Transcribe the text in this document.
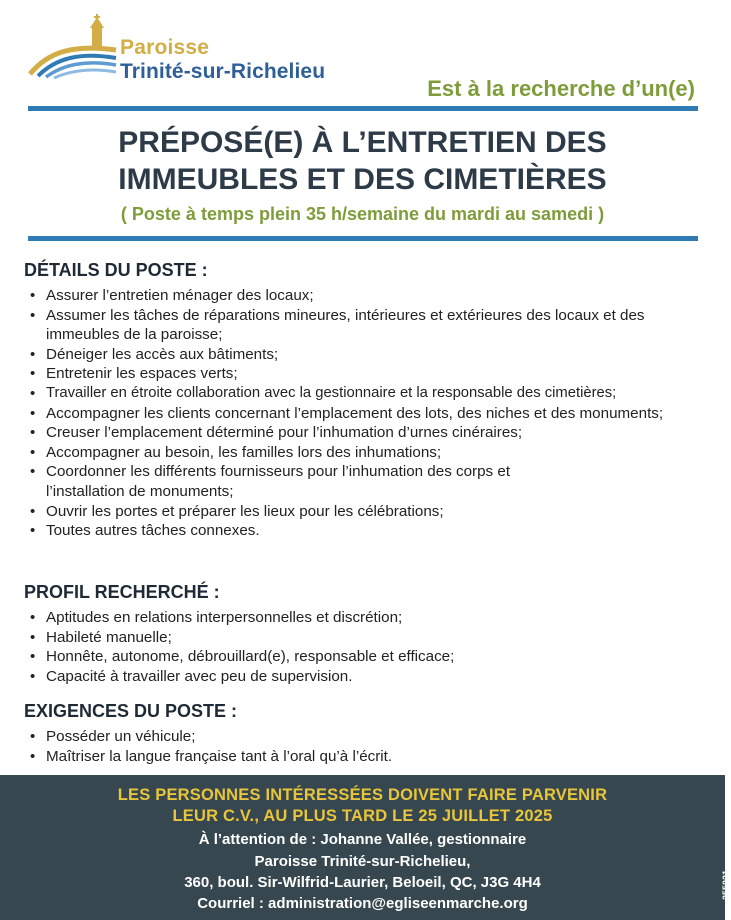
Paroisse
Trinité-sur-Richelieu
Est à la recherche d’un(e)
PRÉPOSÉ(E) À L’ENTRETIEN DES
IMMEUBLES ET DES CIMETIÈRES
( Poste à temps plein 35 h/semaine du mardi au samedi )
DÉTAILS DU POSTE :
• Assurer l’entretien ménager des locaux;
• Assumer les tâches de réparations mineures, intérieures et extérieures des locaux et des immeubles de la paroisse;
• Déneiger les accès aux bâtiments;
• Entretenir les espaces verts;
• Travailler en étroite collaboration avec la gestionnaire et la responsable des cimetières;
• Accompagner les clients concernant l’emplacement des lots, des niches et des monuments;
• Creuser l’emplacement déterminé pour l’inhumation d’urnes cinéraires;
• Accompagner au besoin, les familles lors des inhumations;
• Coordonner les différents fournisseurs pour l’inhumation des corps et l’installation de monuments;
• Ouvrir les portes et préparer les lieux pour les célébrations;
• Toutes autres tâches connexes.
PROFIL RECHERCHÉ :
• Aptitudes en relations interpersonnelles et discrétion;
• Habileté manuelle;
• Honnête, autonome, débrouillard(e), responsable et efficace;
• Capacité à travailler avec peu de supervision.
EXIGENCES DU POSTE :
• Posséder un véhicule;
• Maîtriser la langue française tant à l’oral qu’à l’écrit.
LES PERSONNES INTÉRESSÉES DOIVENT FAIRE PARVENIR
LEUR C.V., AU PLUS TARD LE 25 JUILLET 2025
À l’attention de : Johanne Vallée, gestionnaire
Paroisse Trinité-sur-Richelieu,
360, boul. Sir-Wilfrid-Laurier, Beloeil, QC, J3G 4H4
Courriel : administration@egliseenmarche.org
255021
